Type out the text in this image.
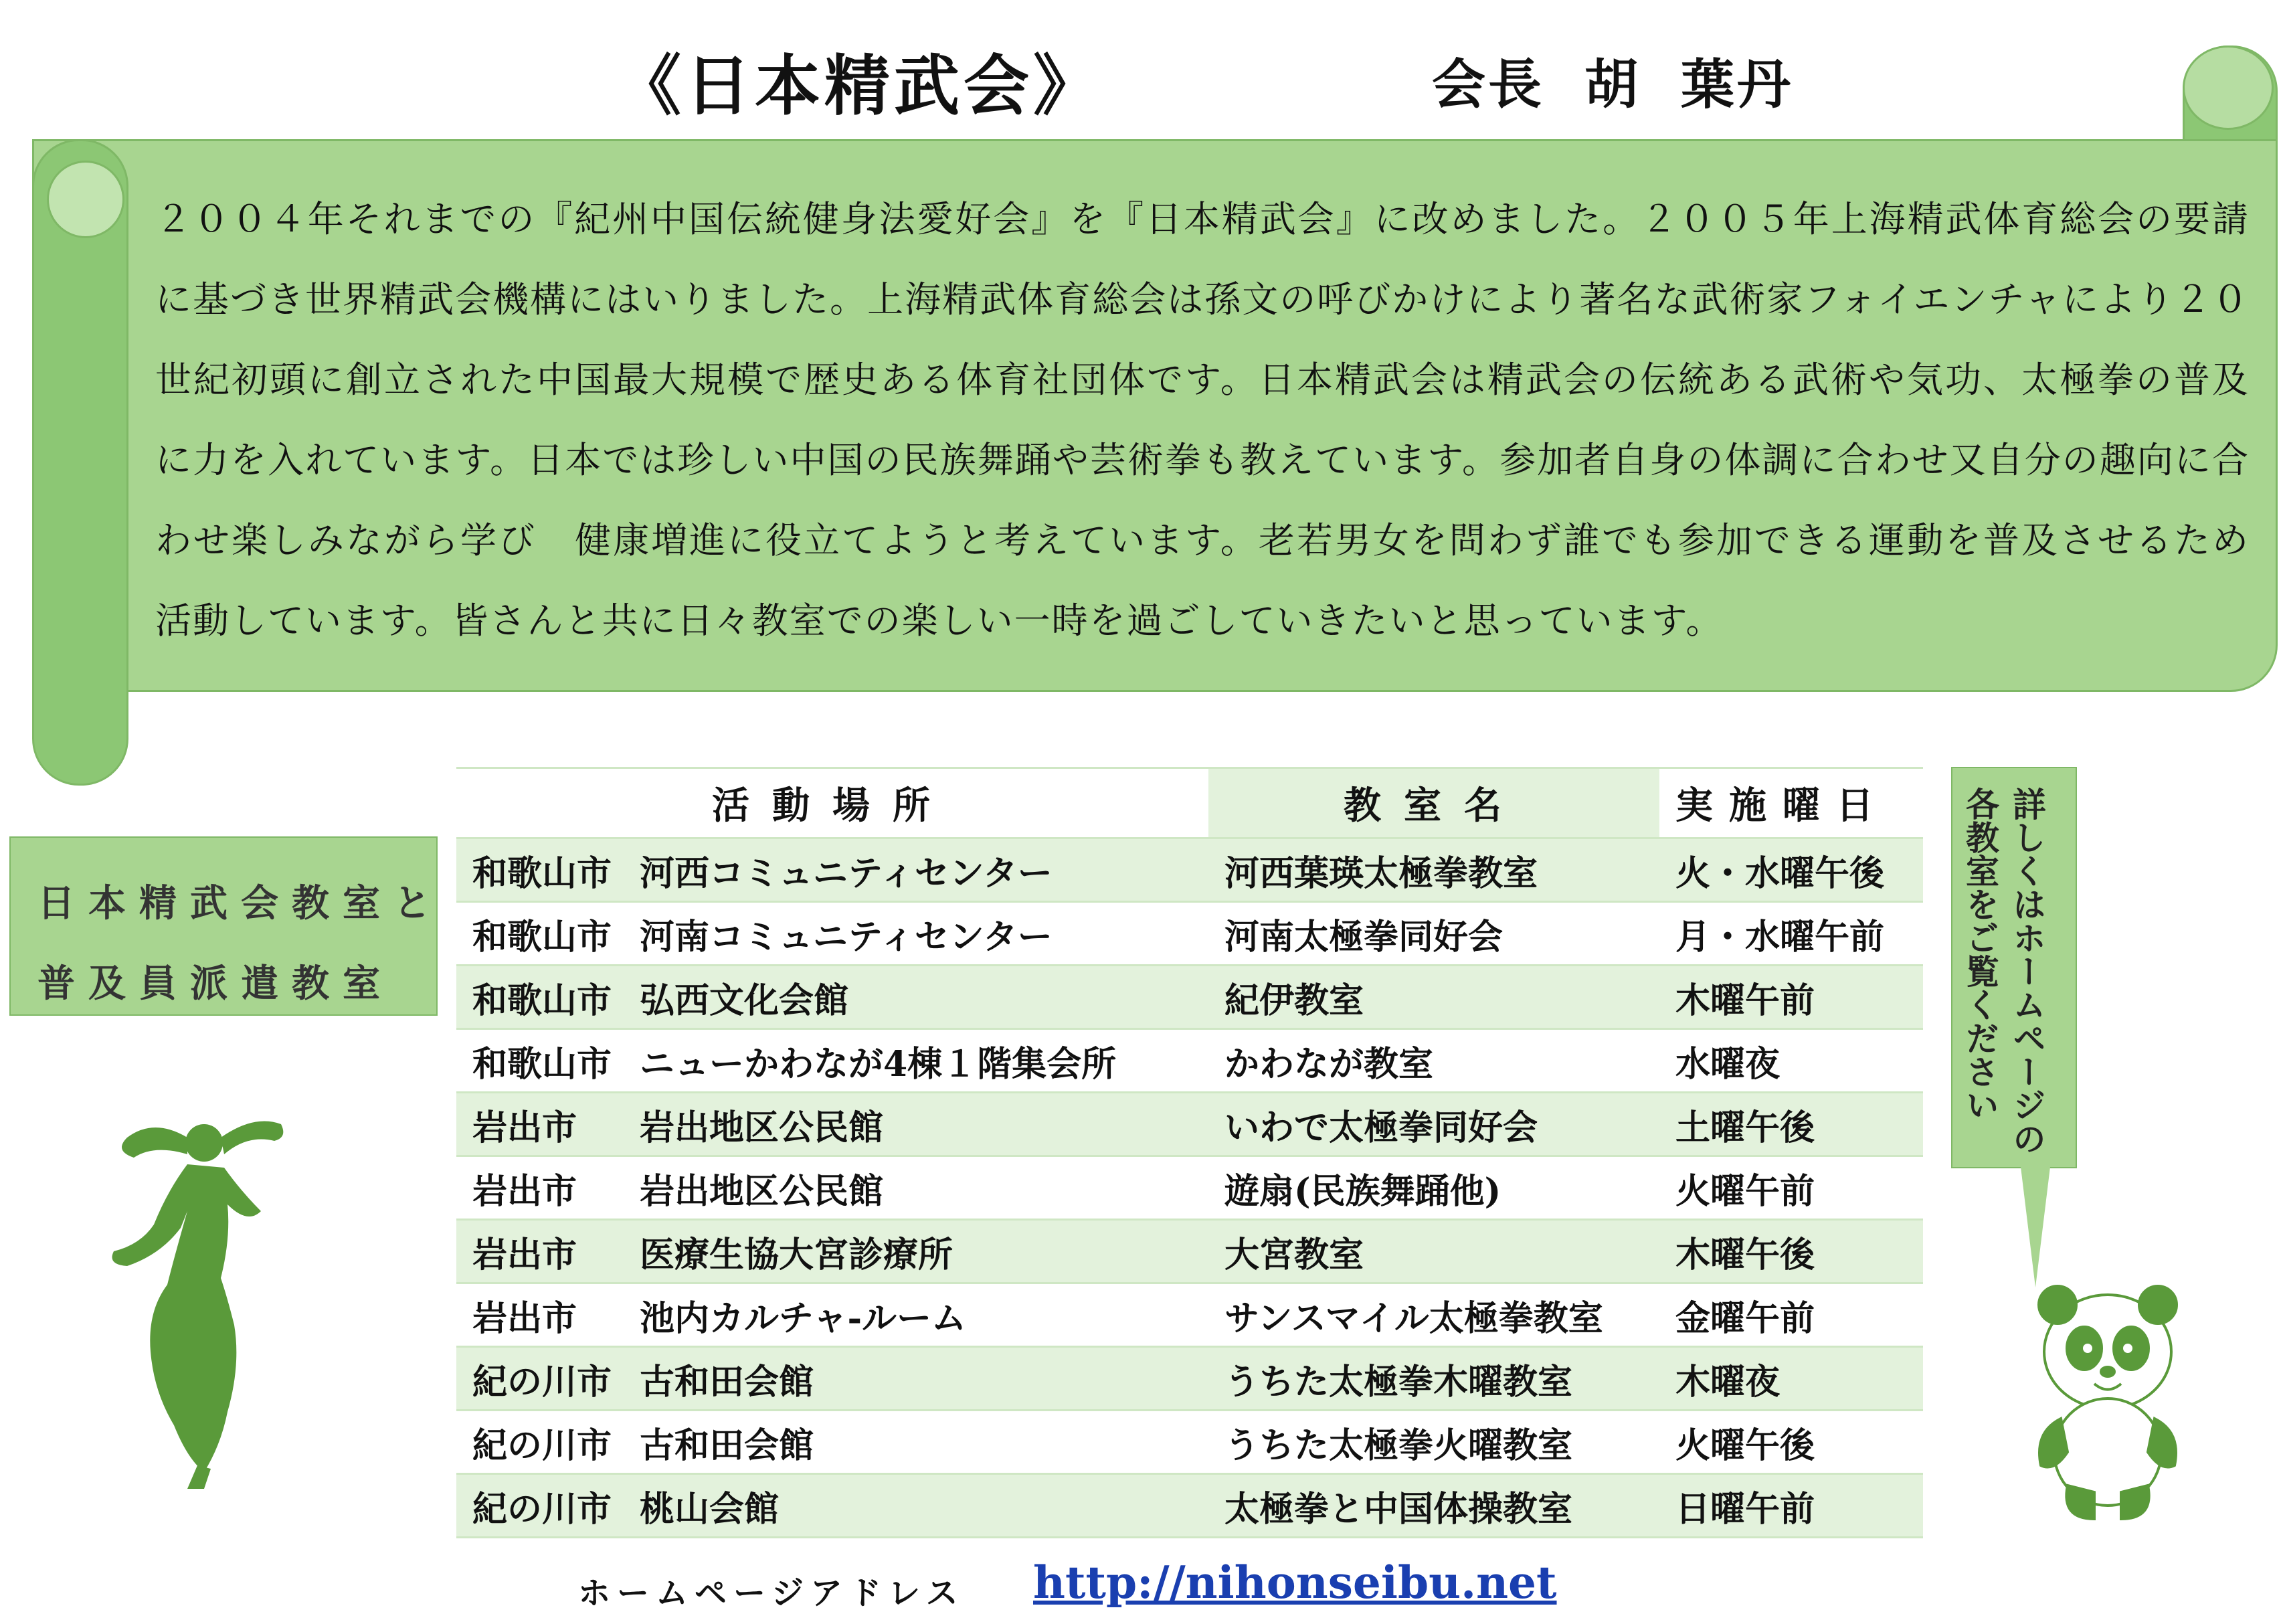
《日本精武会》	会長 胡 葉丹
２００４年それまでの『紀州中国伝統健身法愛好会』を『日本精武会』に改めました。２００５年上海精武体育総会の要請に基づき世界精武会機構にはいりました。上海精武体育総会は孫文の呼びかけにより著名な武術家フォイエンチャにより２０世紀初頭に創立された中国最大規模で歴史ある体育社団体です。日本精武会は精武会の伝統ある武術や気功、太極拳の普及に力を入れています。日本では珍しい中国の民族舞踊や芸術拳も教えています。参加者自身の体調に合わせ又自分の趣向に合わせ楽しみながら学び　健康増進に役立てようと考えています。老若男女を問わず誰でも参加できる運動を普及させるため活動しています。皆さんと共に日々教室での楽しい一時を過ごしていきたいと思っています。
日本精武会教室と
普及員派遣教室
活動場所	教室名	実施曜日
和歌山市 河西コミュニティセンター	河西葉瑛太極拳教室	火・水曜午後
和歌山市 河南コミュニティセンター	河南太極拳同好会	月・水曜午前
和歌山市 弘西文化会館	紀伊教室	木曜午前
和歌山市 ニューかわなが4棟１階集会所	かわなが教室	水曜夜
岩出市 岩出地区公民館	いわで太極拳同好会	土曜午後
岩出市 岩出地区公民館	遊扇(民族舞踊他)	火曜午前
岩出市 医療生協大宮診療所	大宮教室	木曜午後
岩出市 池内カルチャ-ルーム	サンスマイル太極拳教室	金曜午前
紀の川市 古和田会館	うちた太極拳木曜教室	木曜夜
紀の川市 古和田会館	うちた太極拳火曜教室	火曜午後
紀の川市 桃山会館	太極拳と中国体操教室	日曜午前
詳しくはホームページの各教室をご覧ください
ホームページアドレス http://nihonseibu.net
